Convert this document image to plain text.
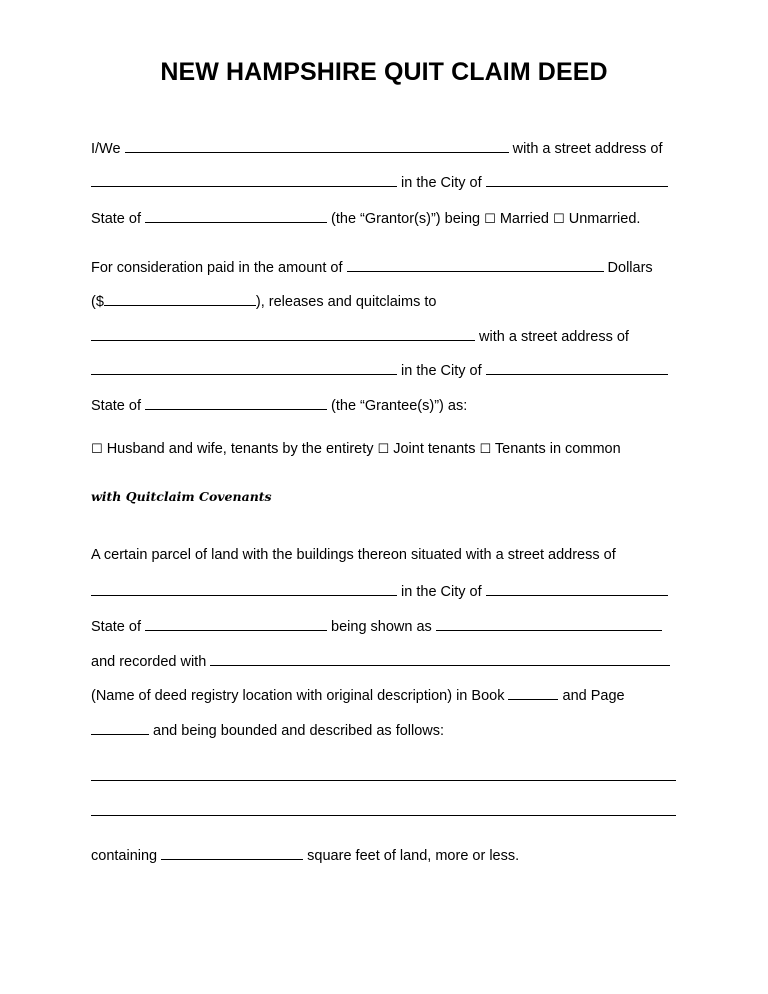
NEW HAMPSHIRE QUIT CLAIM DEED
I/We	with a street address of
in the City of
State of	(the “Grantor(s)”) being ☐ Married ☐ Unmarried.
For consideration paid in the amount of	Dollars
($	), releases and quitclaims to
with a street address of
in the City of
State of	(the “Grantee(s)”) as:
☐ Husband and wife, tenants by the entirety ☐ Joint tenants ☐ Tenants in common
with Quitclaim Covenants
A certain parcel of land with the buildings thereon situated with a street address of
in the City of
State of	being shown as
and recorded with
(Name of deed registry location with original description) in Book	and Page
and being bounded and described as follows:
containing	square feet of land, more or less.
